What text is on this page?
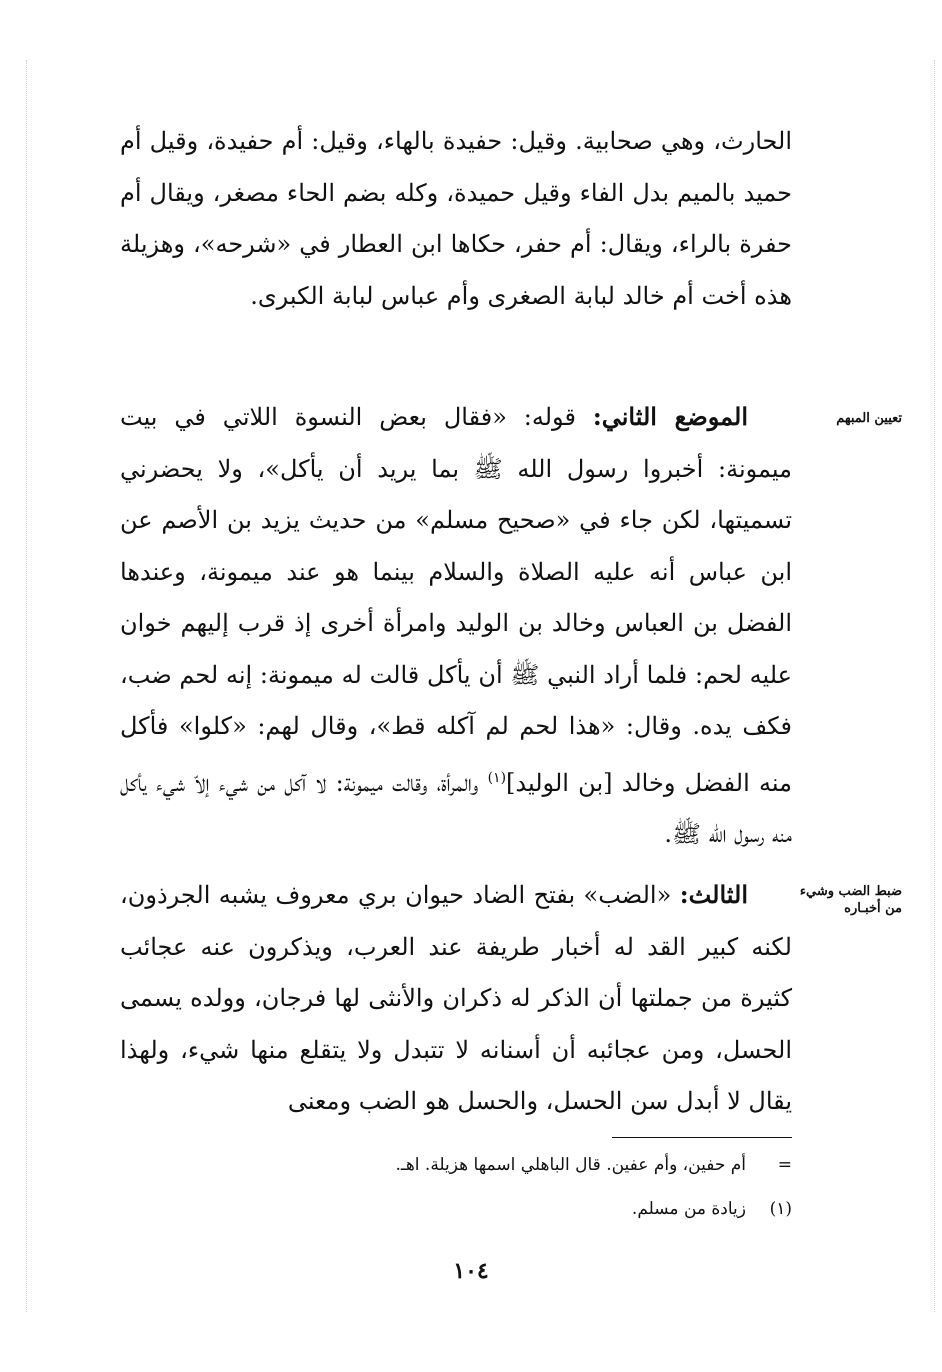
الحارث، وهي صحابية. وقيل: حفيدة بالهاء، وقيل: أم حفيدة، وقيل أم حميد بالميم بدل الفاء وقيل حميدة، وكله بضم الحاء مصغر، ويقال أم حفرة بالراء، ويقال: أم حفر، حكاها ابن العطار في «شرحه»، وهزيلة هذه أخت أم خالد لبابة الصغرى وأم عباس لبابة الكبرى.

تعيين المبهم

الموضع الثاني: قوله: «فقال بعض النسوة اللاتي في بيت ميمونة: أخبروا رسول الله ﷺ بما يريد أن يأكل»، ولا يحضرني تسميتها، لكن جاء في «صحيح مسلم» من حديث يزيد بن الأصم عن ابن عباس أنه عليه الصلاة والسلام بينما هو عند ميمونة، وعندها الفضل بن العباس وخالد بن الوليد وامرأة أخرى إذ قرب إليهم خوان عليه لحم: فلما أراد النبي ﷺ أن يأكل قالت له ميمونة: إنه لحم ضب، فكف يده. وقال: «هذا لحم لم آكله قط»، وقال لهم: «كلوا» فأكل منه الفضل وخالد [بن الوليد]$^{(١)}$ والمرأة، وقالت ميمونة: لا آكل من شيء إلاّ شيء يأكل منه رسول الله ﷺ.

ضبط الضب وشيء من أخبـاره

الثالث: «الضب» بفتح الضاد حيوان بري معروف يشبه الجرذون، لكنه كبير القد له أخبار طريفة عند العرب، ويذكرون عنه عجائب كثيرة من جملتها أن الذكر له ذكران والأنثى لها فرجان، وولده يسمى الحسل، ومن عجائبه أن أسنانه لا تتبدل ولا يتقلع منها شيء، ولهذا يقال لا أبدل سن الحسل، والحسل هو الضب ومعنى

=أم حفين، وأم عفين. قال الباهلي اسمها هزيلة. اهـ.
(١)زيادة من مسلم.
١٠٤
